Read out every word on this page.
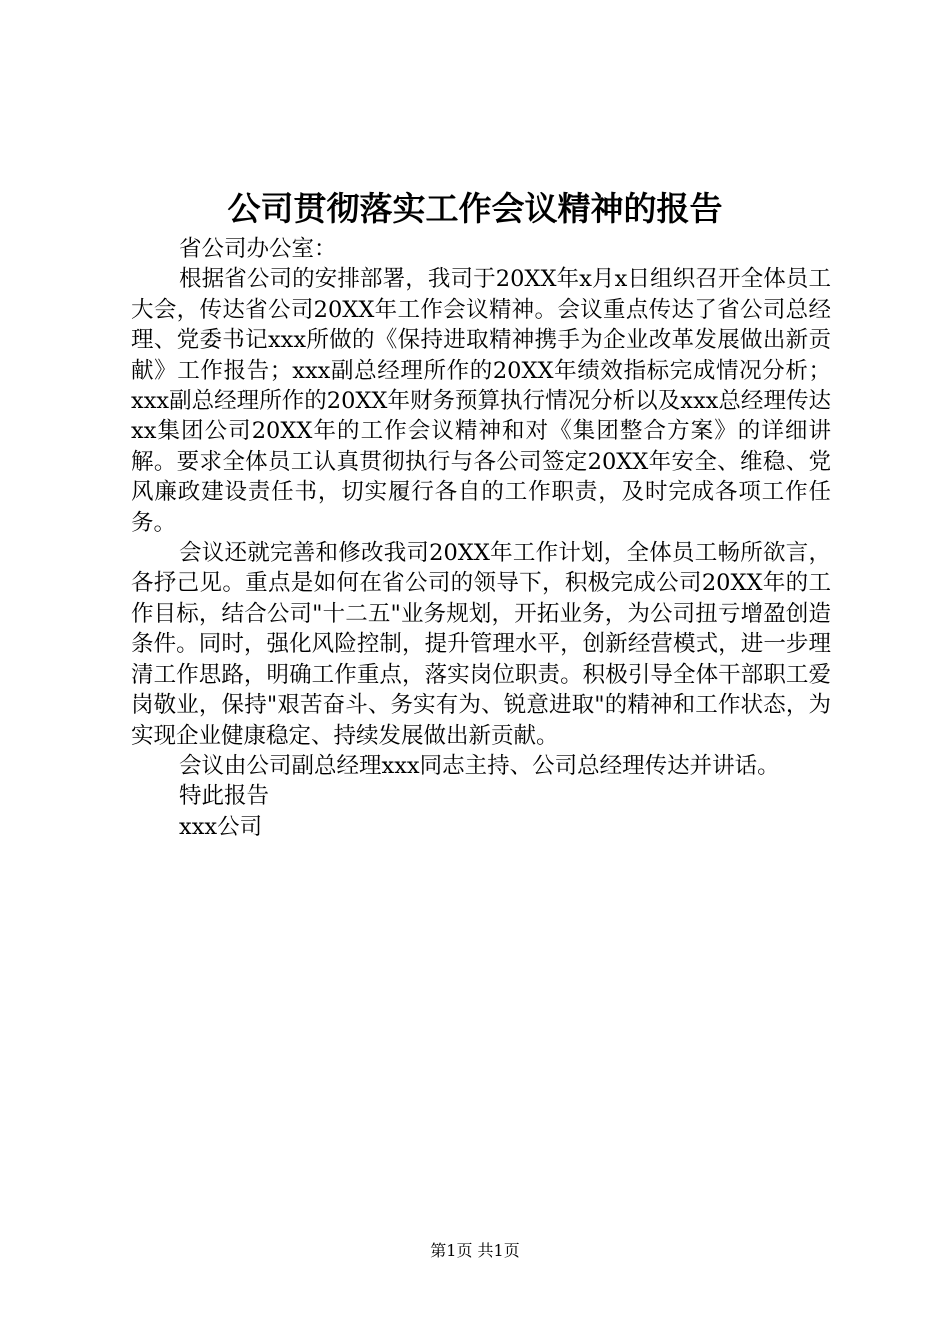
公司贯彻落实工作会议精神的报告

省公司办公室：

根据省公司的安排部署，我司于20XX年x月x日组织召开全体员工大会，传达省公司20XX年工作会议精神。会议重点传达了省公司总经理、党委书记xxx所做的《保持进取精神携手为企业改革发展做出新贡献》工作报告；xxx副总经理所作的20XX年绩效指标完成情况分析；xxx副总经理所作的20XX年财务预算执行情况分析以及xxx总经理传达xx集团公司20XX年的工作会议精神和对《集团整合方案》的详细讲解。要求全体员工认真贯彻执行与各公司签定20XX年安全、维稳、党风廉政建设责任书，切实履行各自的工作职责，及时完成各项工作任务。

会议还就完善和修改我司20XX年工作计划，全体员工畅所欲言，各抒己见。重点是如何在省公司的领导下，积极完成公司20XX年的工作目标，结合公司"十二五"业务规划，开拓业务，为公司扭亏增盈创造条件。同时，强化风险控制，提升管理水平，创新经营模式，进一步理清工作思路，明确工作重点，落实岗位职责。积极引导全体干部职工爱岗敬业，保持"艰苦奋斗、务实有为、锐意进取"的精神和工作状态，为实现企业健康稳定、持续发展做出新贡献。

会议由公司副总经理xxx同志主持、公司总经理传达并讲话。

特此报告

xxx公司

第1页 共1页
